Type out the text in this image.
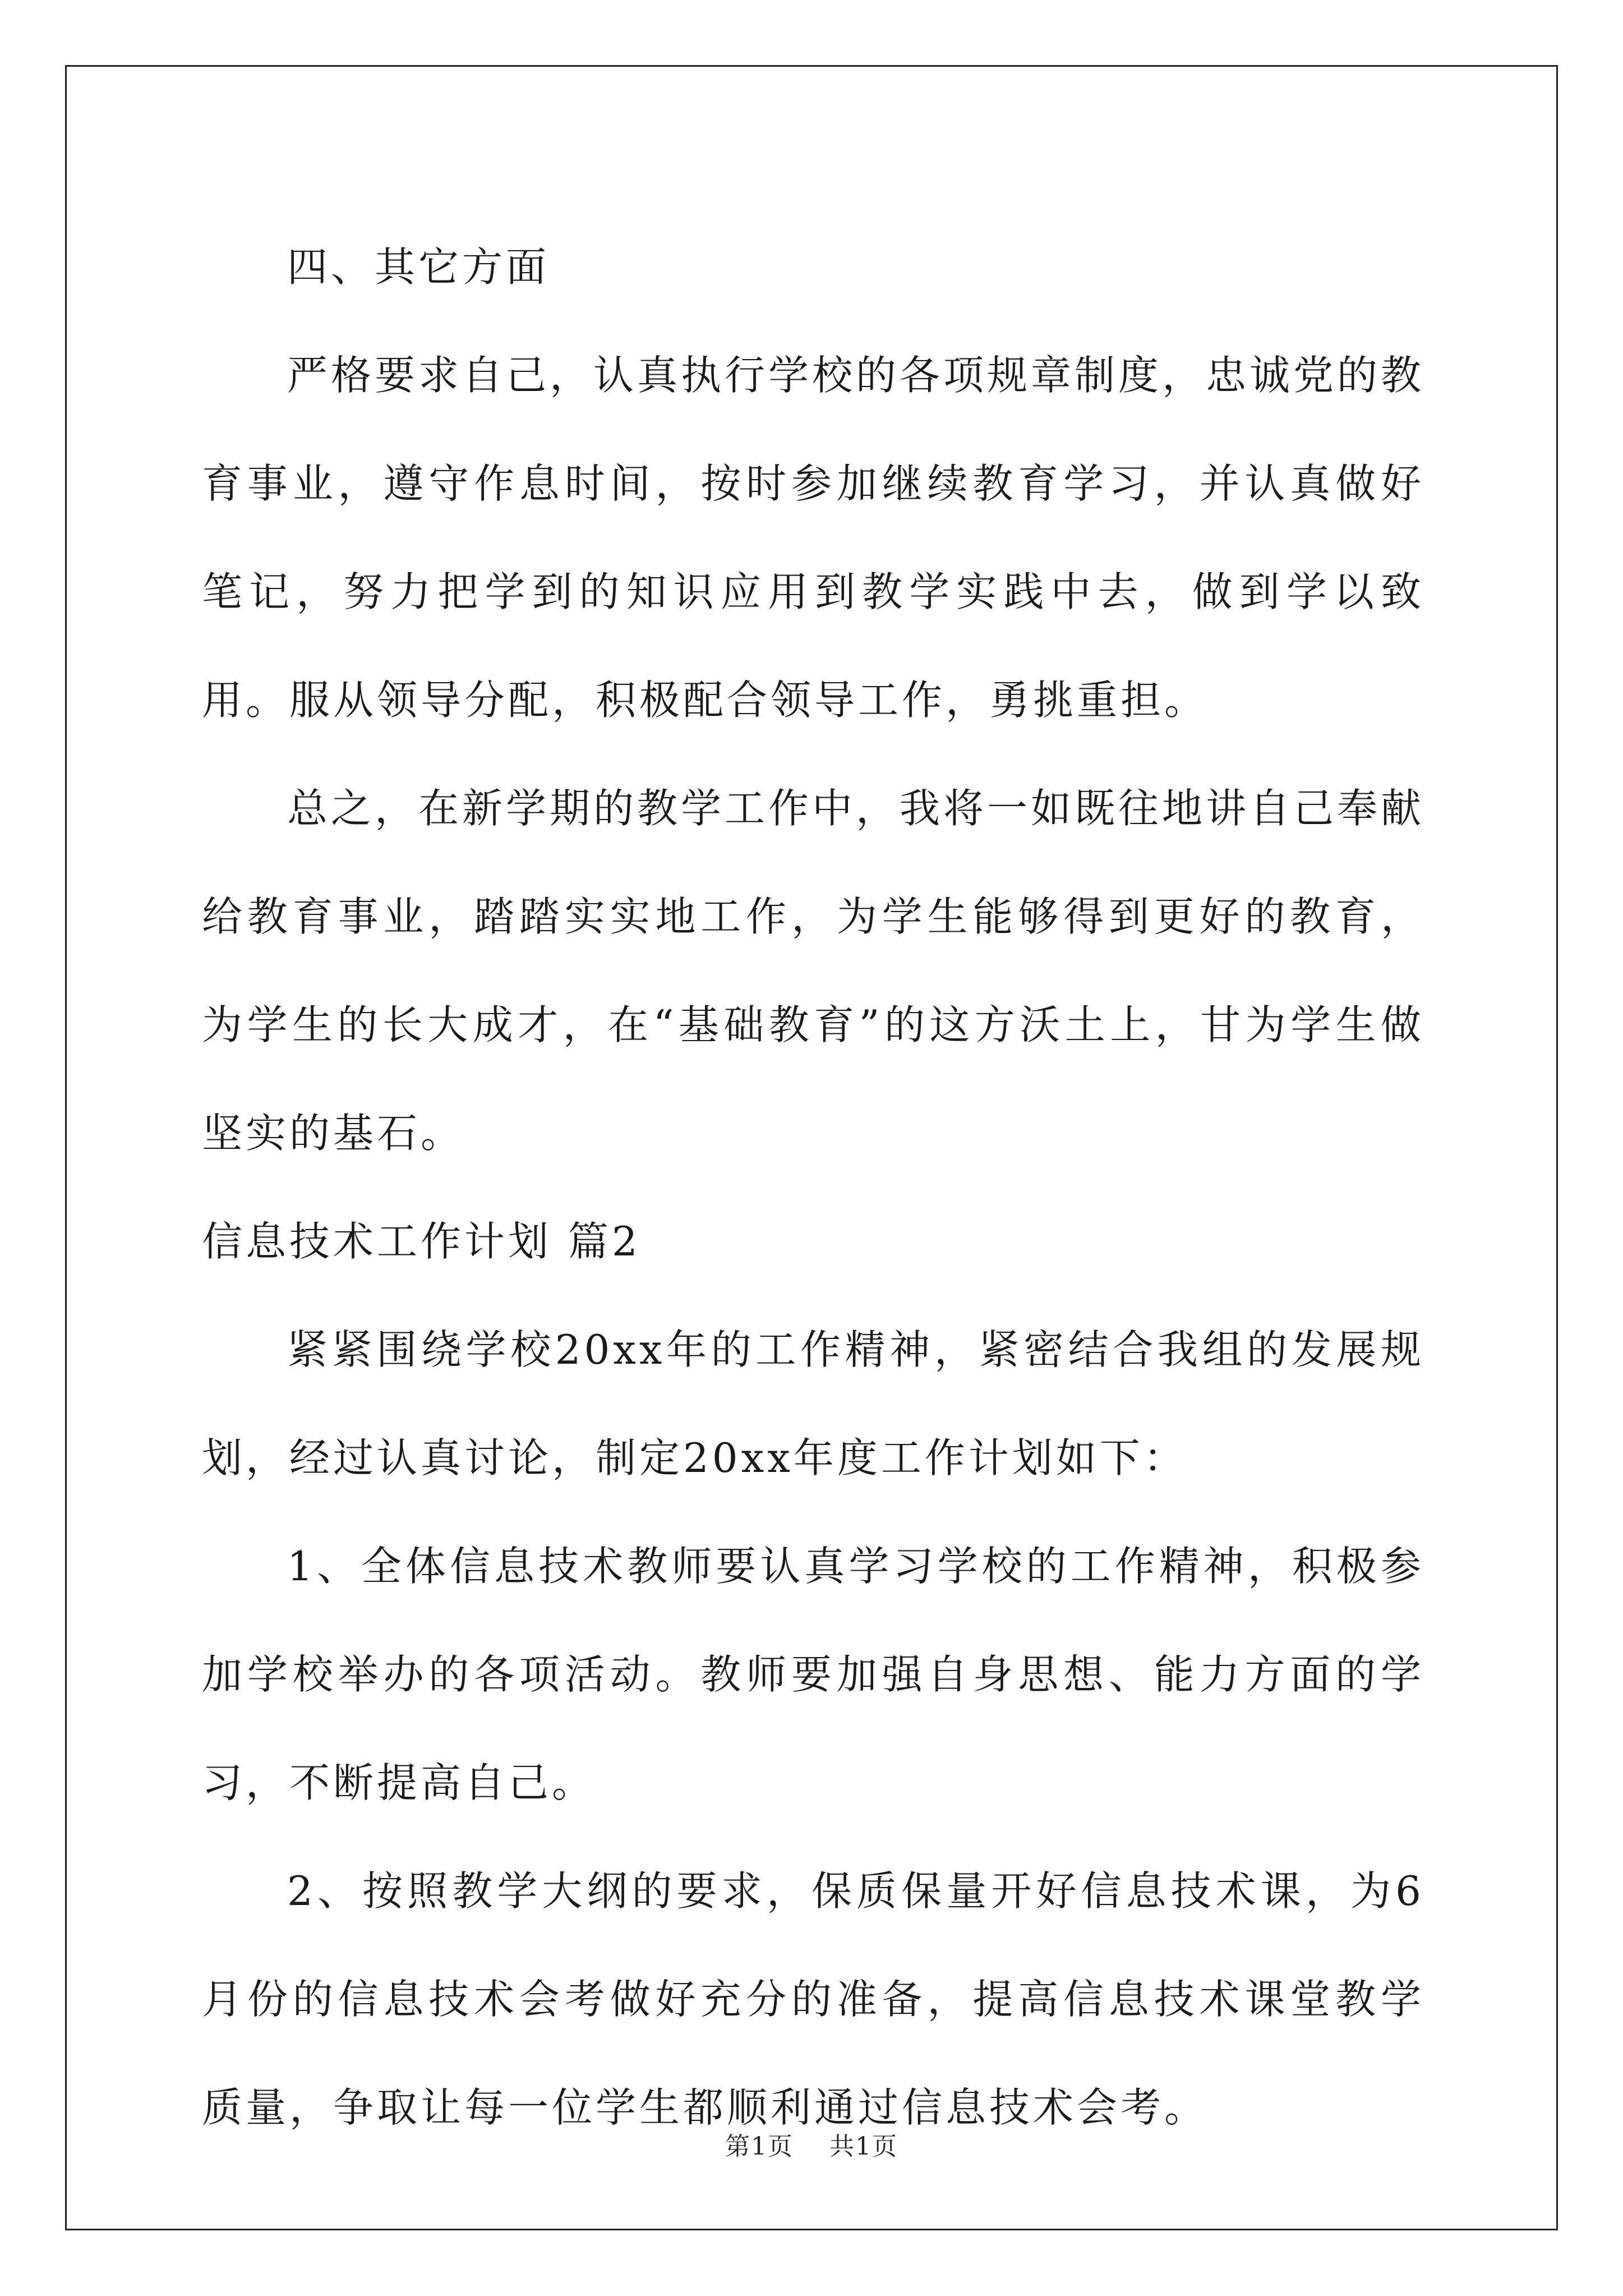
四、其它方面

严格要求自己，认真执行学校的各项规章制度，忠诚党的教育事业，遵守作息时间，按时参加继续教育学习，并认真做好笔记，努力把学到的知识应用到教学实践中去，做到学以致用。服从领导分配，积极配合领导工作，勇挑重担。

总之，在新学期的教学工作中，我将一如既往地讲自己奉献给教育事业，踏踏实实地工作，为学生能够得到更好的教育，为学生的长大成才，在“基础教育”的这方沃土上，甘为学生做坚实的基石。

信息技术工作计划 篇2

紧紧围绕学校20xx年的工作精神，紧密结合我组的发展规划，经过认真讨论，制定20xx年度工作计划如下：

1、全体信息技术教师要认真学习学校的工作精神，积极参加学校举办的各项活动。教师要加强自身思想、能力方面的学习，不断提高自己。

2、按照教学大纲的要求，保质保量开好信息技术课，为6月份的信息技术会考做好充分的准备，提高信息技术课堂教学质量，争取让每一位学生都顺利通过信息技术会考。

第1页 共1页
